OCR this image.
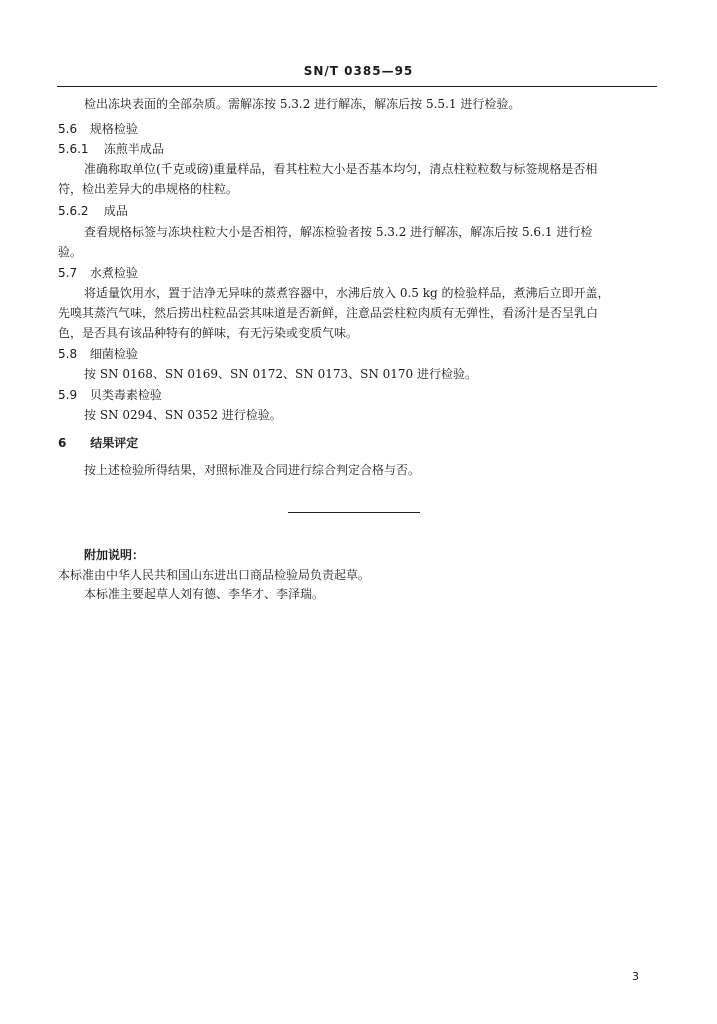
SN/T 0385—95
检出冻块表面的全部杂质。需解冻按 5.3.2 进行解冻，解冻后按 5.5.1 进行检验。
5.6 规格检验
5.6.1 冻煎半成品
准确称取单位(千克或磅)重量样品，看其柱粒大小是否基本均匀，清点柱粒粒数与标签规格是否相
符，检出差异大的串规格的柱粒。
5.6.2 成品
查看规格标签与冻块柱粒大小是否相符，解冻检验者按 5.3.2 进行解冻，解冻后按 5.6.1 进行检
验。
5.7 水煮检验
将适量饮用水，置于洁净无异味的蒸煮容器中，水沸后放入 0.5 kg 的检验样品，煮沸后立即开盖，
先嗅其蒸汽气味，然后捞出柱粒品尝其味道是否新鲜，注意品尝柱粒肉质有无弹性，看汤汁是否呈乳白
色，是否具有该品种特有的鲜味，有无污染或变质气味。
5.8 细菌检验
按 SN 0168、SN 0169、SN 0172、SN 0173、SN 0170 进行检验。
5.9 贝类毒素检验
按 SN 0294、SN 0352 进行检验。
6 结果评定
按上述检验所得结果，对照标准及合同进行综合判定合格与否。
附加说明：
本标准由中华人民共和国山东进出口商品检验局负责起草。
本标准主要起草人刘有德、李华才、李泽瑞。
3
